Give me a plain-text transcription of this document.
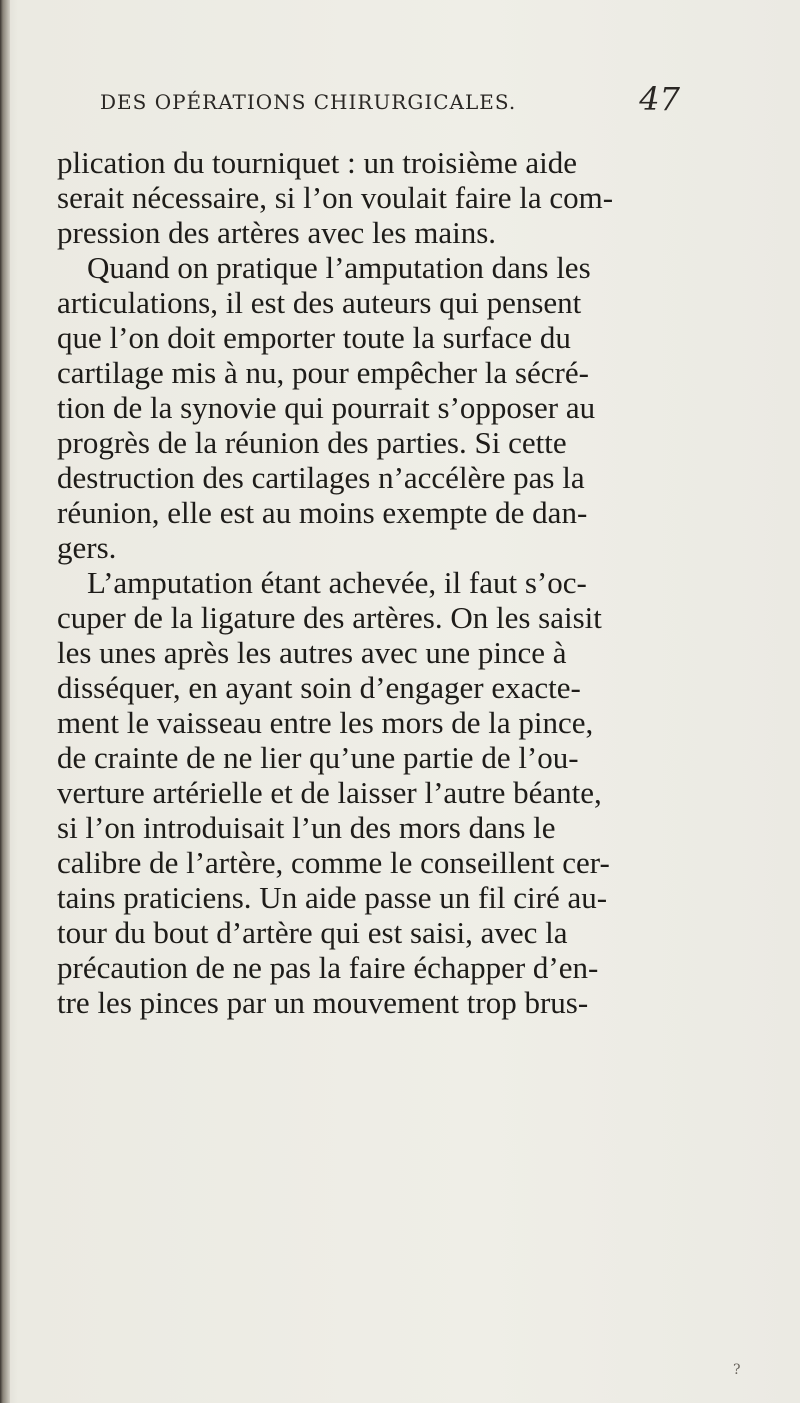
DES OPÉRATIONS CHIRURGICALES.	47
plication du tourniquet : un troisième aide
serait nécessaire, si l’on voulait faire la com-
pression des artères avec les mains.
Quand on pratique l’amputation dans les
articulations, il est des auteurs qui pensent
que l’on doit emporter toute la surface du
cartilage mis à nu, pour empêcher la sécré-
tion de la synovie qui pourrait s’opposer au
progrès de la réunion des parties. Si cette
destruction des cartilages n’accélère pas la
réunion, elle est au moins exempte de dan-
gers.
L’amputation étant achevée, il faut s’oc-
cuper de la ligature des artères. On les saisit
les unes après les autres avec une pince à
disséquer, en ayant soin d’engager exacte-
ment le vaisseau entre les mors de la pince,
de crainte de ne lier qu’une partie de l’ou-
verture artérielle et de laisser l’autre béante,
si l’on introduisait l’un des mors dans le
calibre de l’artère, comme le conseillent cer-
tains praticiens. Un aide passe un fil ciré au-
tour du bout d’artère qui est saisi, avec la
précaution de ne pas la faire échapper d’en-
tre les pinces par un mouvement trop brus-
?
